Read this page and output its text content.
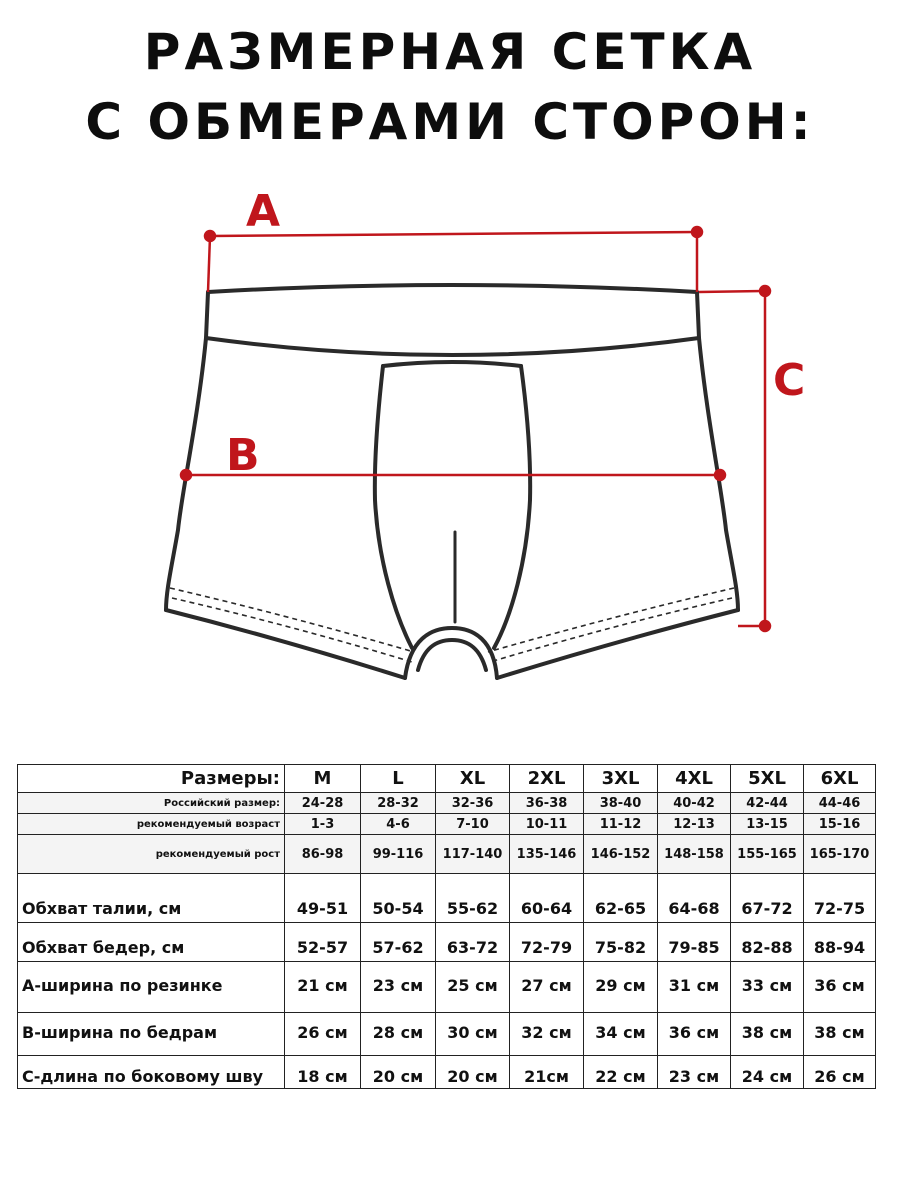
РАЗМЕРНАЯ СЕТКА
С ОБМЕРАМИ СТОРОН:
A
B
C
Размеры:	M	L	XL	2XL	3XL	4XL	5XL	6XL
Российский размер:	24-28	28-32	32-36	36-38	38-40	40-42	42-44	44-46
рекомендуемый возраст	1-3	4-6	7-10	10-11	11-12	12-13	13-15	15-16
рекомендуемый рост	86-98	99-116	117-140	135-146	146-152	148-158	155-165	165-170
Обхват талии, см	49-51	50-54	55-62	60-64	62-65	64-68	67-72	72-75
Обхват бедер, см	52-57	57-62	63-72	72-79	75-82	79-85	82-88	88-94
А-ширина по резинке	21 см	23 см	25 см	27 см	29 см	31 см	33 см	36 см
В-ширина по бедрам	26 см	28 см	30 см	32 см	34 см	36 см	38 см	38 см
С-длина по боковому шву	18 см	20 см	20 см	21см	22 см	23 см	24 см	26 см
